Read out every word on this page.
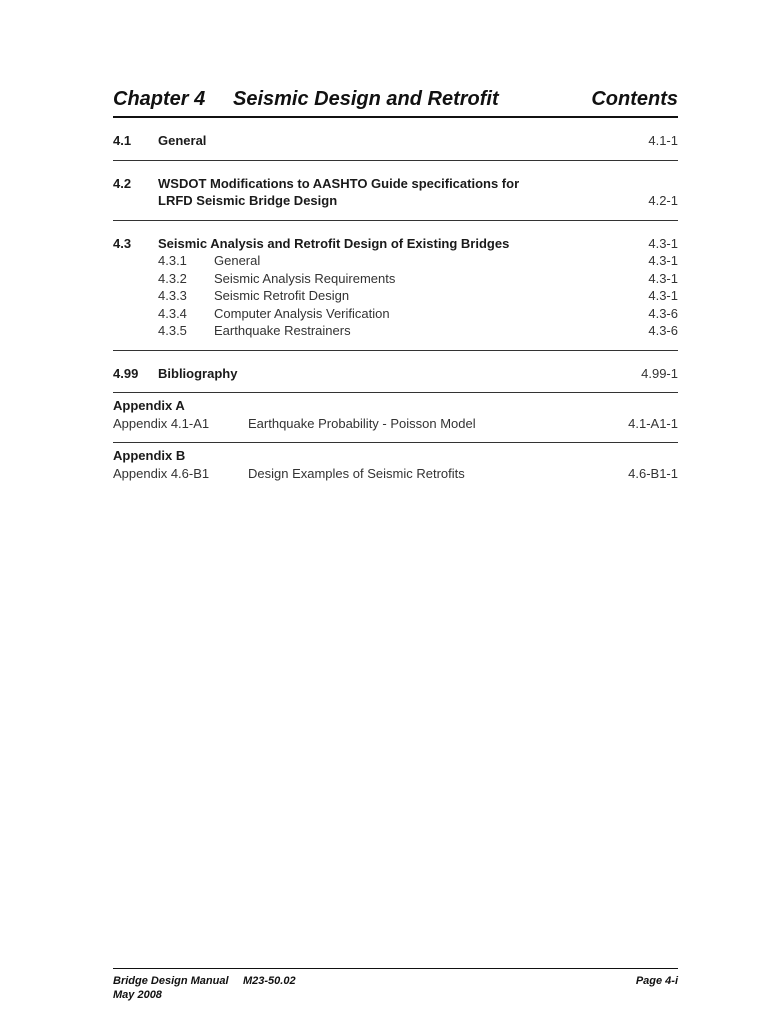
Chapter 4 Seismic Design and Retrofit	Contents
4.1 General	4.1-1
4.2 WSDOT Modifications to AASHTO Guide specifications for
LRFD Seismic Bridge Design	4.2-1
4.3 Seismic Analysis and Retrofit Design of Existing Bridges	4.3-1
4.3.1 General	4.3-1
4.3.2 Seismic Analysis Requirements	4.3-1
4.3.3 Seismic Retrofit Design	4.3-1
4.3.4 Computer Analysis Verification	4.3-6
4.3.5 Earthquake Restrainers	4.3-6
4.99 Bibliography	4.99-1
Appendix A
Appendix 4.1-A1	Earthquake Probability - Poisson Model	4.1-A1-1
Appendix B
Appendix 4.6-B1	Design Examples of Seismic Retrofits	4.6-B1-1
Bridge Design Manual M23-50.02	Page 4-i
May 2008
